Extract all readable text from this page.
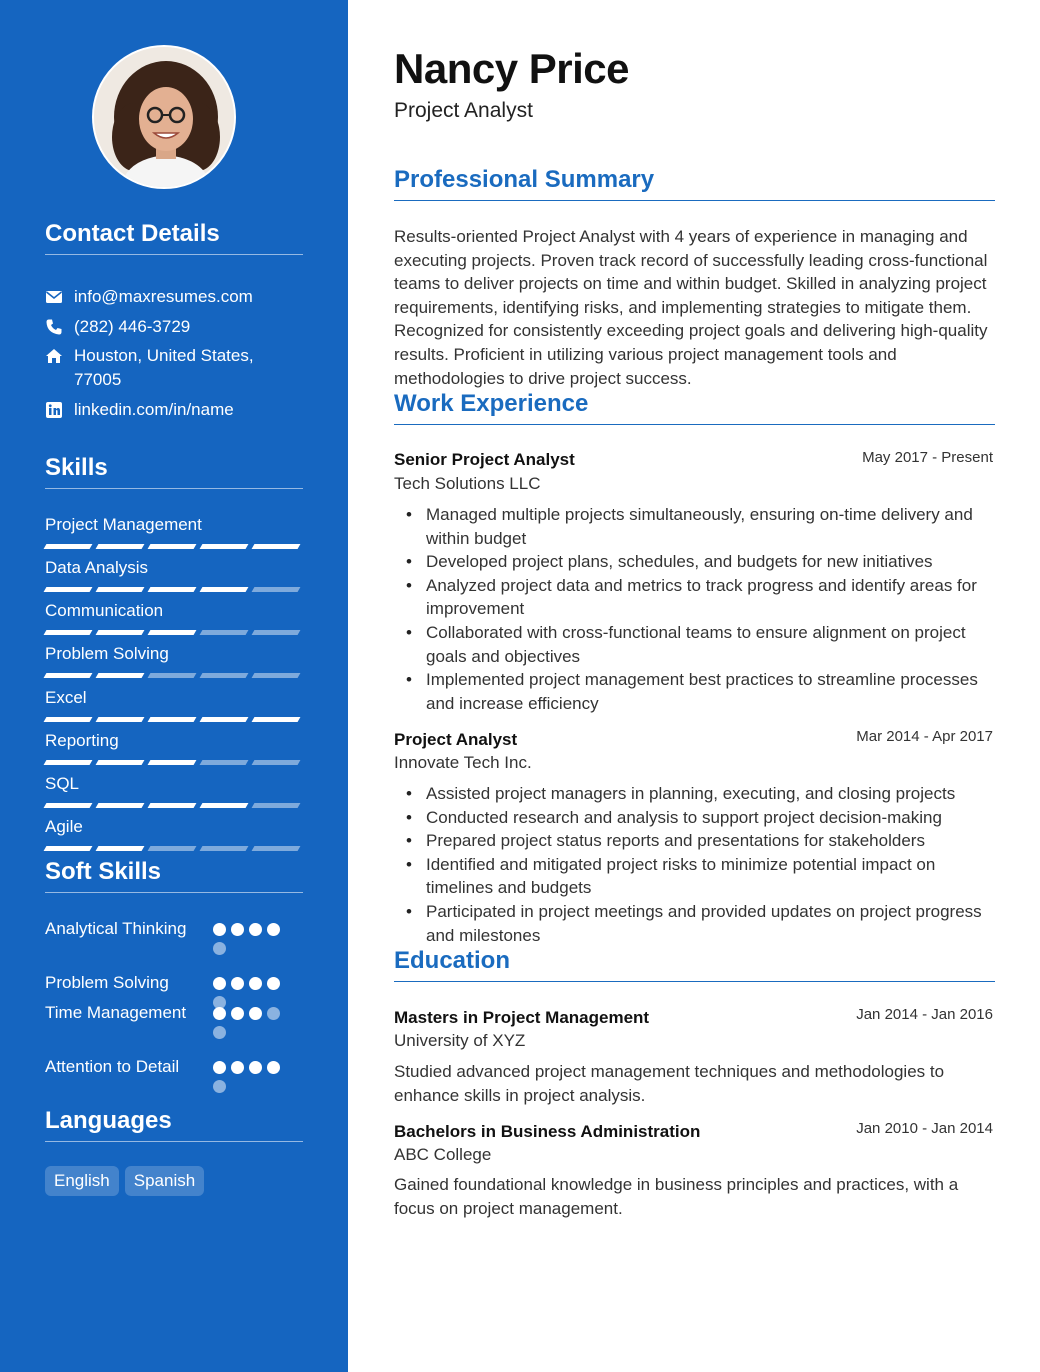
Contact Details
info@maxresumes.com
(282) 446-3729
Houston, United States, 77005
linkedin.com/in/name
Skills
Project Management
Data Analysis
Communication
Problem Solving
Excel
Reporting
SQL
Agile
Soft Skills
Analytical Thinking
Problem Solving
Time Management
Attention to Detail
Languages
English	Spanish
Nancy Price
Project Analyst
Professional Summary

Results-oriented Project Analyst with 4 years of experience in managing and executing projects. Proven track record of successfully leading cross-functional teams to deliver projects on time and within budget. Skilled in analyzing project requirements, identifying risks, and implementing strategies to mitigate them. Recognized for consistently exceeding project goals and delivering high-quality results. Proficient in utilizing various project management tools and methodologies to drive project success.

Work Experience
Senior Project Analyst	May 2017 - Present
Tech Solutions LLC
• Managed multiple projects simultaneously, ensuring on-time delivery and within budget
• Developed project plans, schedules, and budgets for new initiatives
• Analyzed project data and metrics to track progress and identify areas for improvement
• Collaborated with cross-functional teams to ensure alignment on project goals and objectives
• Implemented project management best practices to streamline processes and increase efficiency
Project Analyst	Mar 2014 - Apr 2017
Innovate Tech Inc.
• Assisted project managers in planning, executing, and closing projects
• Conducted research and analysis to support project decision-making
• Prepared project status reports and presentations for stakeholders
• Identified and mitigated project risks to minimize potential impact on timelines and budgets
• Participated in project meetings and provided updates on project progress and milestones
Education
Masters in Project Management	Jan 2014 - Jan 2016
University of XYZ

Studied advanced project management techniques and methodologies to enhance skills in project analysis.

Bachelors in Business Administration	Jan 2010 - Jan 2014
ABC College

Gained foundational knowledge in business principles and practices, with a focus on project management.
